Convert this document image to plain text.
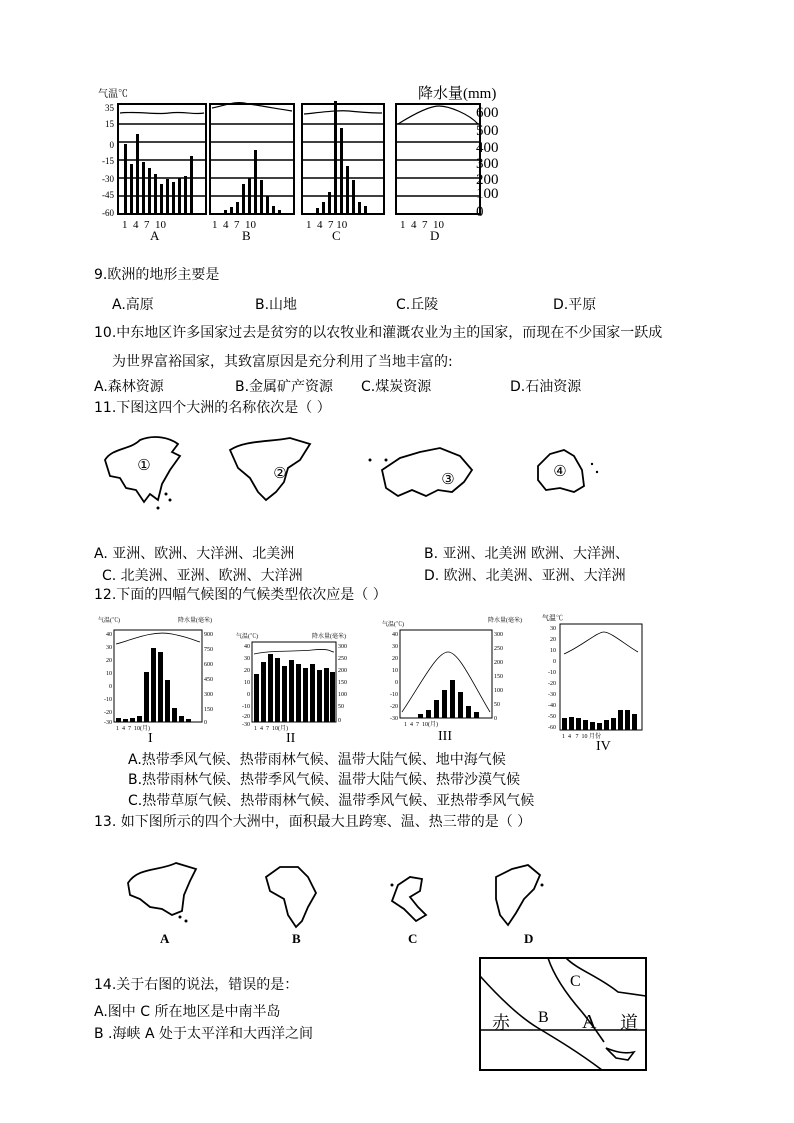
气温℃
35
15
0
-15
-30
-45
-60
1  4  7  10	1  4  7  10	1  4  7 10	1  4  7  10
A	B	C	D
降水量(mm)
600
500
400
300
200
100
0
9.欧洲的地形主要是
A.高原	B.山地	C.丘陵	D.平原
10.中东地区许多国家过去是贫穷的以农牧业和灌溉农业为主的国家，而现在不少国家一跃成
为世界富裕国家，其致富原因是充分利用了当地丰富的:
A.森林资源	B.金属矿产资源 C.煤炭资源	D.石油资源
11.下图这四个大洲的名称依次是（ ）
①	②	③	④
A. 亚洲、欧洲、大洋洲、北美洲	B. 亚洲、北美洲 欧洲、大洋洲、
C. 北美洲、亚洲、欧洲、大洋洲	D. 欧洲、北美洲、亚洲、大洋洲
12.下面的四幅气候图的气候类型依次应是（ ）
气温(℃)	降水量(毫米)
40
30
20
10
0
-10
-20
-30
900
750
600
450
300
150
0
1  4  7  10(月)
I
气温(℃)	降水量(毫米)
40
30
20
10
0
-10
-20
-30
300
250
200
150
100
50
0
1  4  7  10(月)
II
气温(℃)
降水量(毫米)
40
30
20
10
0
-10
-20
-30
300
250
200
150
100
50
0
1  4  7  10(月)
III
气温℃
30
20
10
0
-10
-20
-30
-40
-50
-60
1  4   7  10 月份
IV
A.热带季风气候、热带雨林气候、温带大陆气候、地中海气候
B.热带雨林气候、热带季风气候、温带大陆气候、热带沙漠气候
C.热带草原气候、热带雨林气候、温带季风气候、亚热带季风气候
13. 如下图所示的四个大洲中，面积最大且跨寒、温、热三带的是（ ）
A	B	C	D
14.关于右图的说法，错误的是：
A.图中 C 所在地区是中南半岛
B .海峡 A 处于太平洋和大西洋之间
赤	道
C
B A
